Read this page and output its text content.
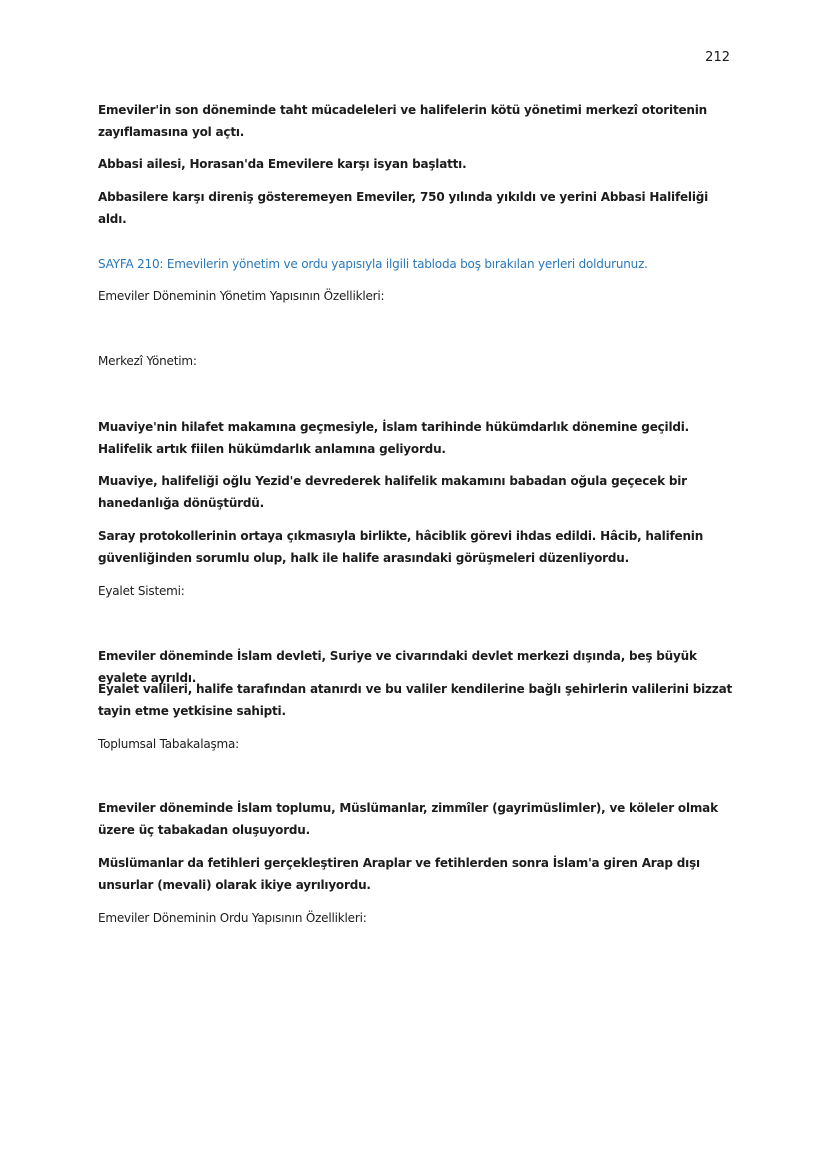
212
Emeviler'in son döneminde taht mücadeleleri ve halifelerin kötü yönetimi merkezî otoritenin zayıflamasına yol açtı.
Abbasi ailesi, Horasan'da Emevilere karşı isyan başlattı.
Abbasilere karşı direniş gösteremeyen Emeviler, 750 yılında yıkıldı ve yerini Abbasi Halifeliği aldı.
SAYFA 210: Emevilerin yönetim ve ordu yapısıyla ilgili tabloda boş bırakılan yerleri doldurunuz.
Emeviler Döneminin Yönetim Yapısının Özellikleri:
Merkezî Yönetim:
Muaviye'nin hilafet makamına geçmesiyle, İslam tarihinde hükümdarlık dönemine geçildi. Halifelik artık fiilen hükümdarlık anlamına geliyordu.
Muaviye, halifeliği oğlu Yezid'e devrederek halifelik makamını babadan oğula geçecek bir hanedanlığa dönüştürdü.
Saray protokollerinin ortaya çıkmasıyla birlikte, hâciblik görevi ihdas edildi. Hâcib, halifenin güvenliğinden sorumlu olup, halk ile halife arasındaki görüşmeleri düzenliyordu.
Eyalet Sistemi:
Emeviler döneminde İslam devleti, Suriye ve civarındaki devlet merkezi dışında, beş büyük eyalete ayrıldı.
Eyalet valileri, halife tarafından atanırdı ve bu valiler kendilerine bağlı şehirlerin valilerini bizzat tayin etme yetkisine sahipti.
Toplumsal Tabakalaşma:
Emeviler döneminde İslam toplumu, Müslümanlar, zimmîler (gayrimüslimler), ve köleler olmak üzere üç tabakadan oluşuyordu.
Müslümanlar da fetihleri gerçekleştiren Araplar ve fetihlerden sonra İslam'a giren Arap dışı unsurlar (mevali) olarak ikiye ayrılıyordu.
Emeviler Döneminin Ordu Yapısının Özellikleri:
